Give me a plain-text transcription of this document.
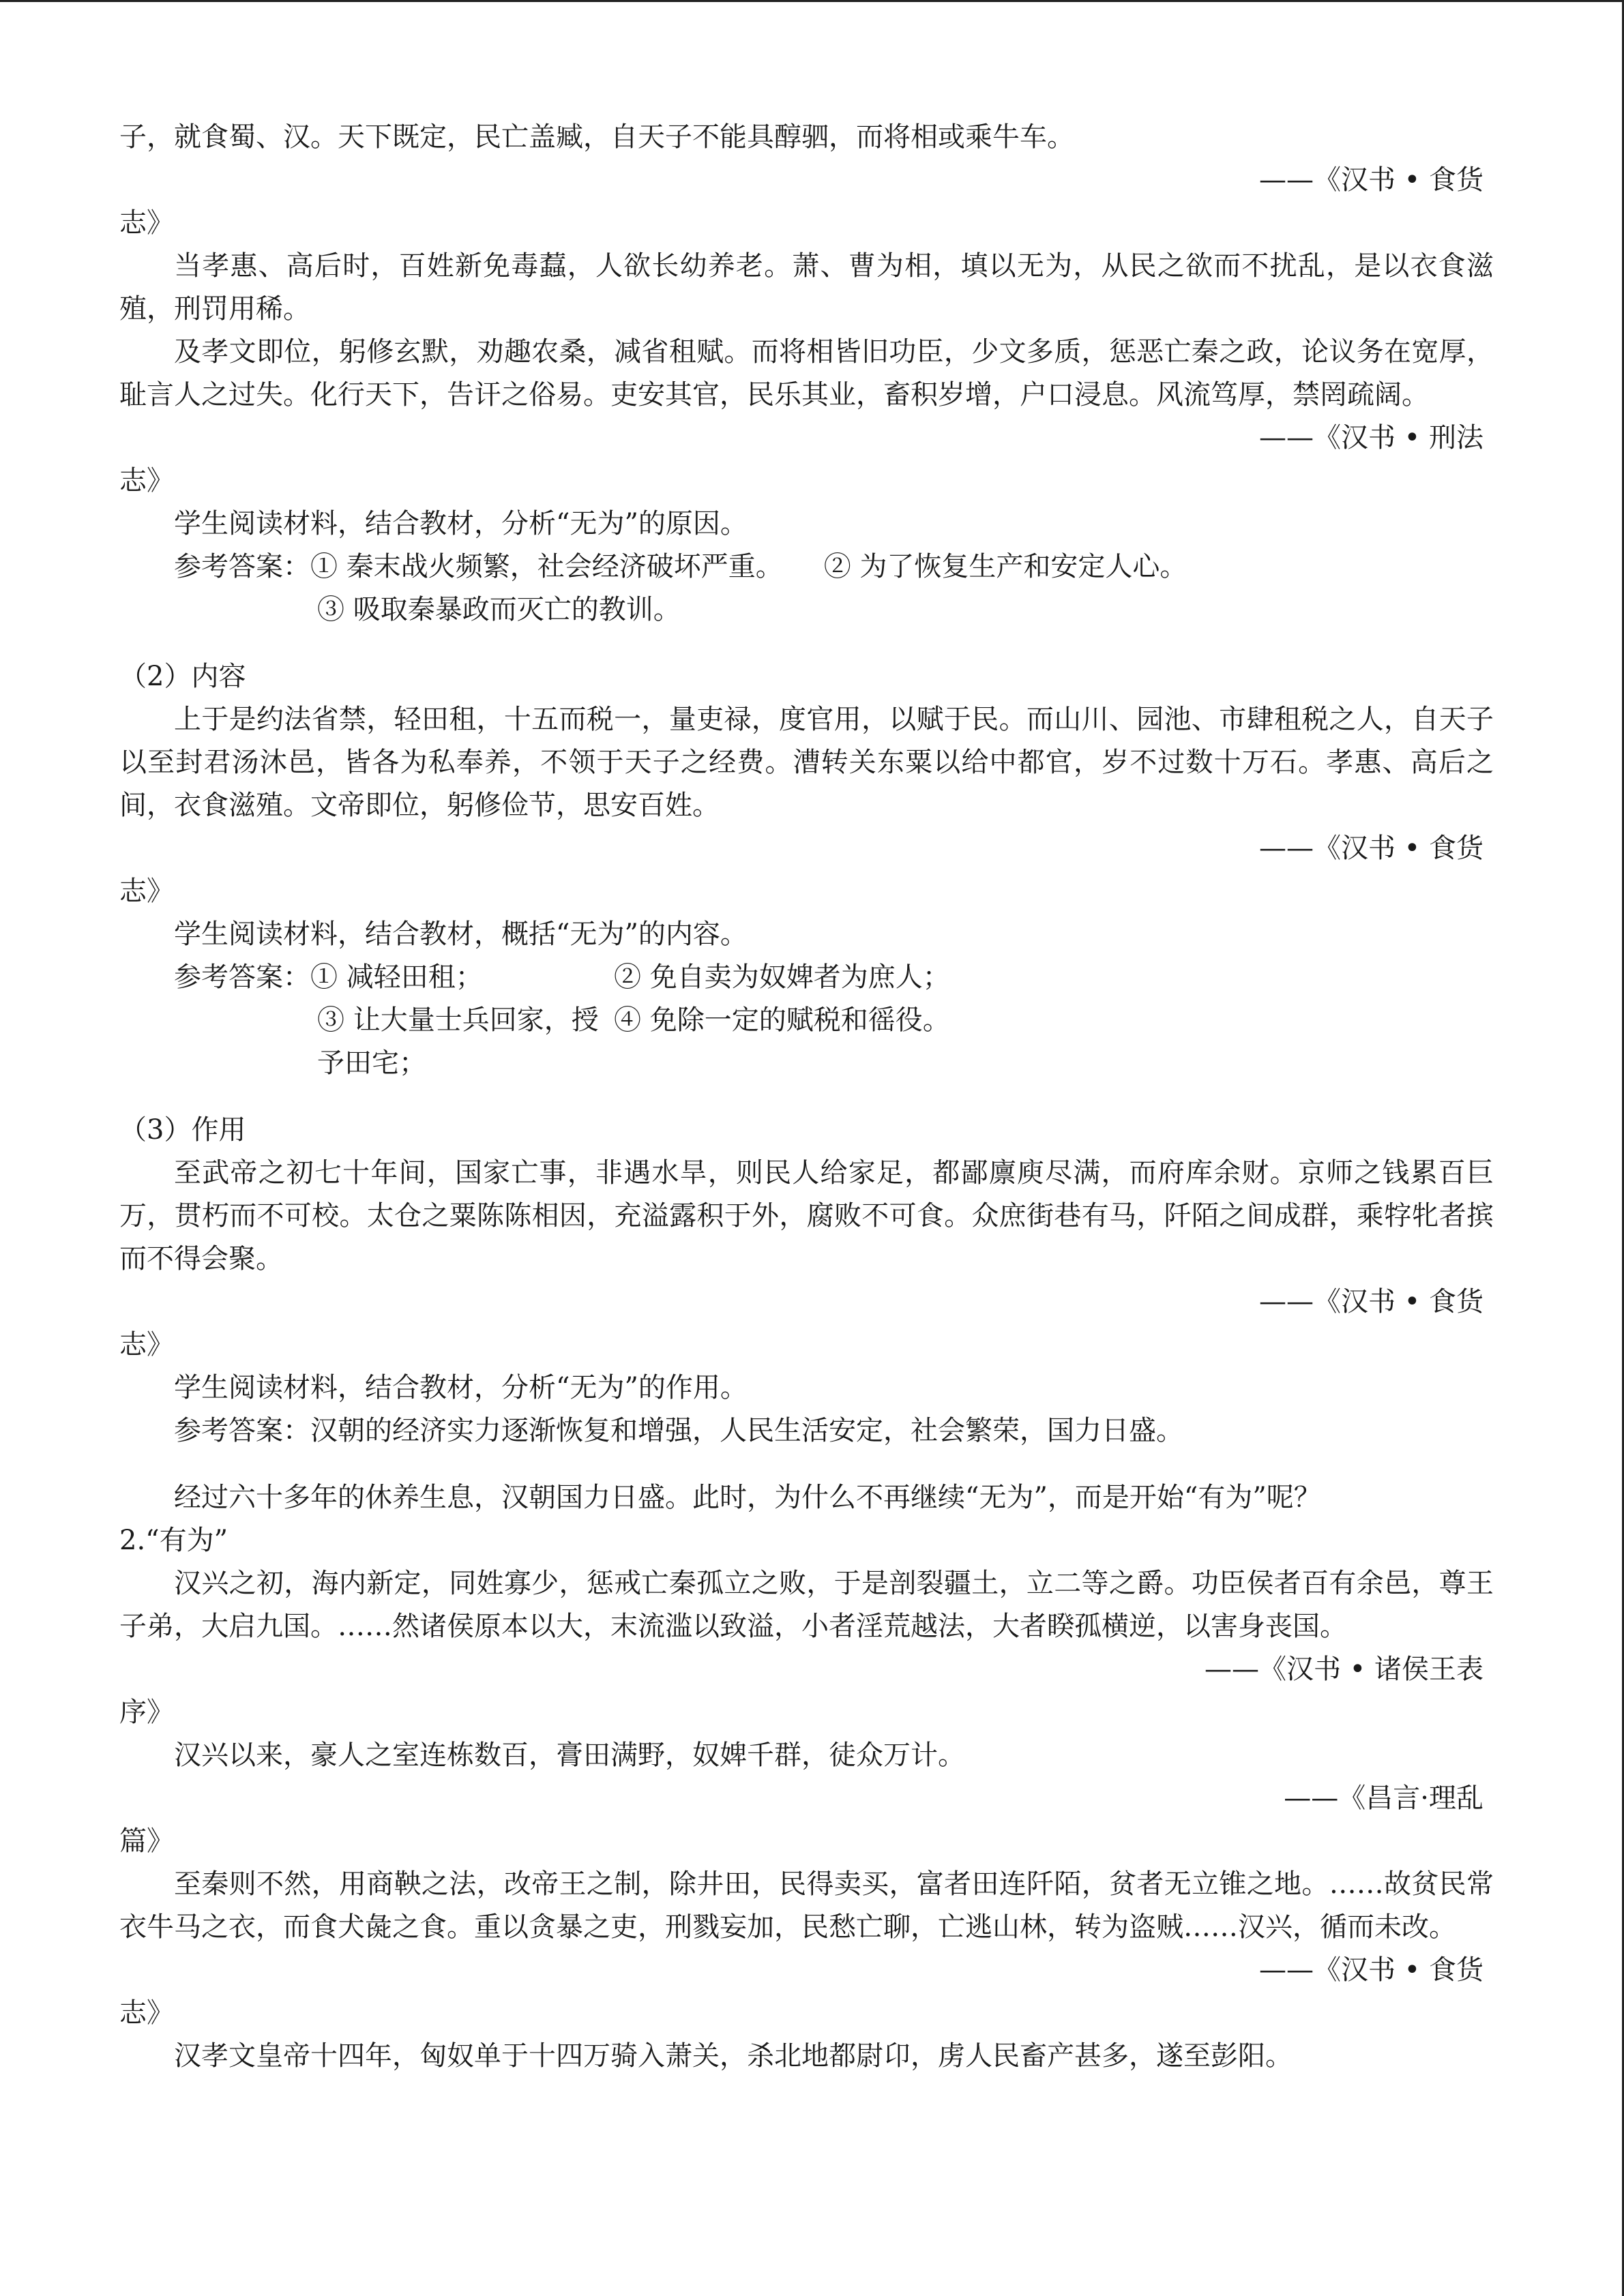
子，就食蜀、汉。天下既定，民亡盖臧，自天子不能具醇驷，而将相或乘牛车。

——《汉书 • 食货

志》

当孝惠、高后时，百姓新免毒蠚，人欲长幼养老。萧、曹为相，填以无为，从民之欲而不扰乱，是以衣食滋殖，刑罚用稀。

及孝文即位，躬修玄默，劝趣农桑，减省租赋。而将相皆旧功臣，少文多质，惩恶亡秦之政，论议务在宽厚，耻言人之过失。化行天下，告讦之俗易。吏安其官，民乐其业，畜积岁增，户口浸息。风流笃厚，禁罔疏阔。

——《汉书 • 刑法

志》

学生阅读材料，结合教材，分析“无为”的原因。

参考答案：① 秦末战火频繁，社会经济破坏严重。 ② 为了恢复生产和安定人心。

③ 吸取秦暴政而灭亡的教训。

（2）内容

上于是约法省禁，轻田租，十五而税一，量吏禄，度官用，以赋于民。而山川、园池、市肆租税之人，自天子以至封君汤沐邑，皆各为私奉养，不领于天子之经费。漕转关东粟以给中都官，岁不过数十万石。孝惠、高后之间，衣食滋殖。文帝即位，躬修俭节，思安百姓。

——《汉书 • 食货

志》

学生阅读材料，结合教材，概括“无为”的内容。

参考答案：① 减轻田租；	② 免自卖为奴婢者为庶人；
③ 让大量士兵回家，授予田宅；
④ 免除一定的赋税和徭役。

（3）作用

至武帝之初七十年间，国家亡事，非遇水旱，则民人给家足，都鄙廪庾尽满，而府库余财。京师之钱累百巨万，贯朽而不可校。太仓之粟陈陈相因，充溢露积于外，腐败不可食。众庶街巷有马，阡陌之间成群，乘牸牝者摈而不得会聚。

——《汉书 • 食货

志》

学生阅读材料，结合教材，分析“无为”的作用。

参考答案：汉朝的经济实力逐渐恢复和增强，人民生活安定，社会繁荣，国力日盛。

经过六十多年的休养生息，汉朝国力日盛。此时，为什么不再继续“无为”，而是开始“有为”呢？

2.“有为”

汉兴之初，海内新定，同姓寡少，惩戒亡秦孤立之败，于是剖裂疆土，立二等之爵。功臣侯者百有余邑，尊王子弟，大启九国。……然诸侯原本以大，末流滥以致溢，小者淫荒越法，大者睽孤横逆，以害身丧国。

——《汉书 • 诸侯王表

序》

汉兴以来，豪人之室连栋数百，膏田满野，奴婢千群，徒众万计。

——《昌言·理乱

篇》

至秦则不然，用商鞅之法，改帝王之制，除井田，民得卖买，富者田连阡陌，贫者无立锥之地。……故贫民常衣牛马之衣，而食犬彘之食。重以贪暴之吏，刑戮妄加，民愁亡聊，亡逃山林，转为盗贼……汉兴，循而未改。

——《汉书 • 食货

志》

汉孝文皇帝十四年，匈奴单于十四万骑入萧关，杀北地都尉卬，虏人民畜产甚多，遂至彭阳。
